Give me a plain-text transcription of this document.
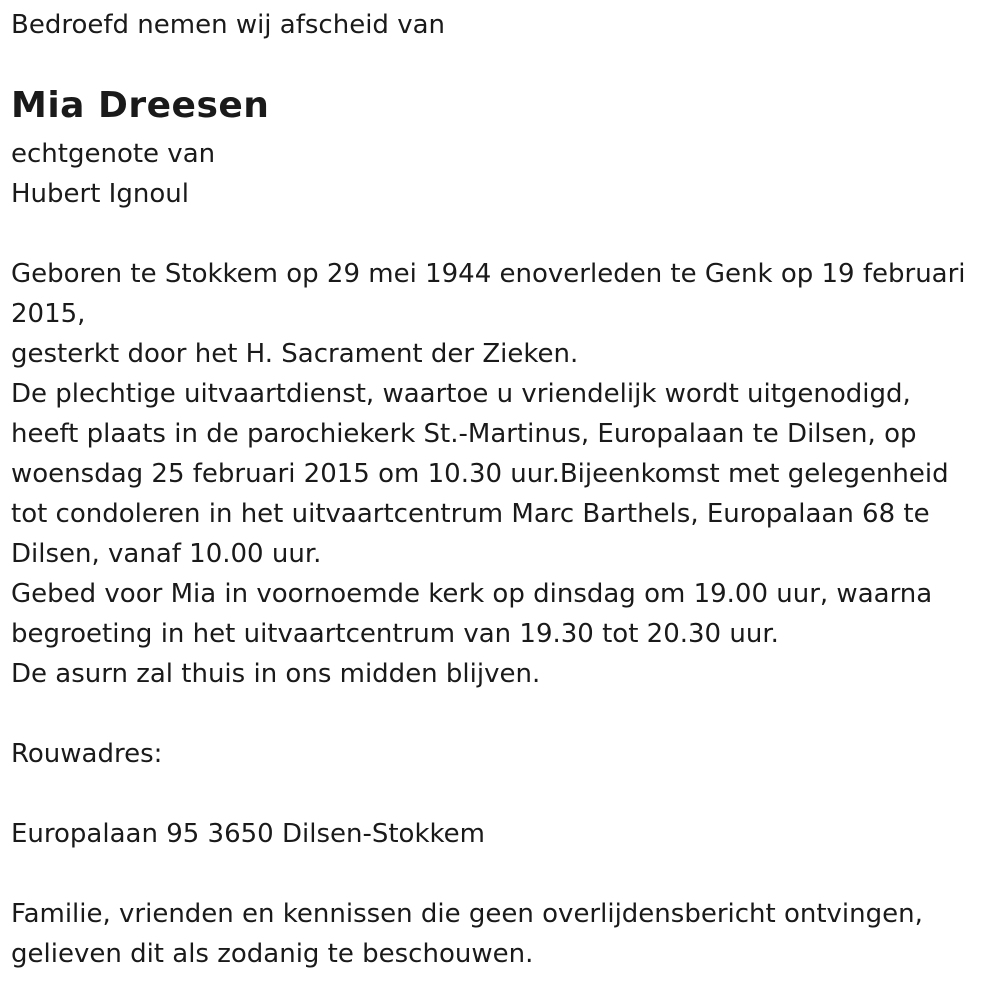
Bedroefd nemen wij afscheid van
Mia Dreesen
echtgenote van
Hubert Ignoul
Geboren te Stokkem op 29 mei 1944 enoverleden te Genk op 19 februari
2015,
gesterkt door het H. Sacrament der Zieken.
De plechtige uitvaartdienst, waartoe u vriendelijk wordt uitgenodigd,
heeft plaats in de parochiekerk St.-Martinus, Europalaan te Dilsen, op
woensdag 25 februari 2015 om 10.30 uur.Bijeenkomst met gelegenheid
tot condoleren in het uitvaartcentrum Marc Barthels, Europalaan 68 te
Dilsen, vanaf 10.00 uur.
Gebed voor Mia in voornoemde kerk op dinsdag om 19.00 uur, waarna
begroeting in het uitvaartcentrum van 19.30 tot 20.30 uur.
De asurn zal thuis in ons midden blijven.
Rouwadres:
Europalaan 95 3650 Dilsen-Stokkem
Familie, vrienden en kennissen die geen overlijdensbericht ontvingen,
gelieven dit als zodanig te beschouwen.
